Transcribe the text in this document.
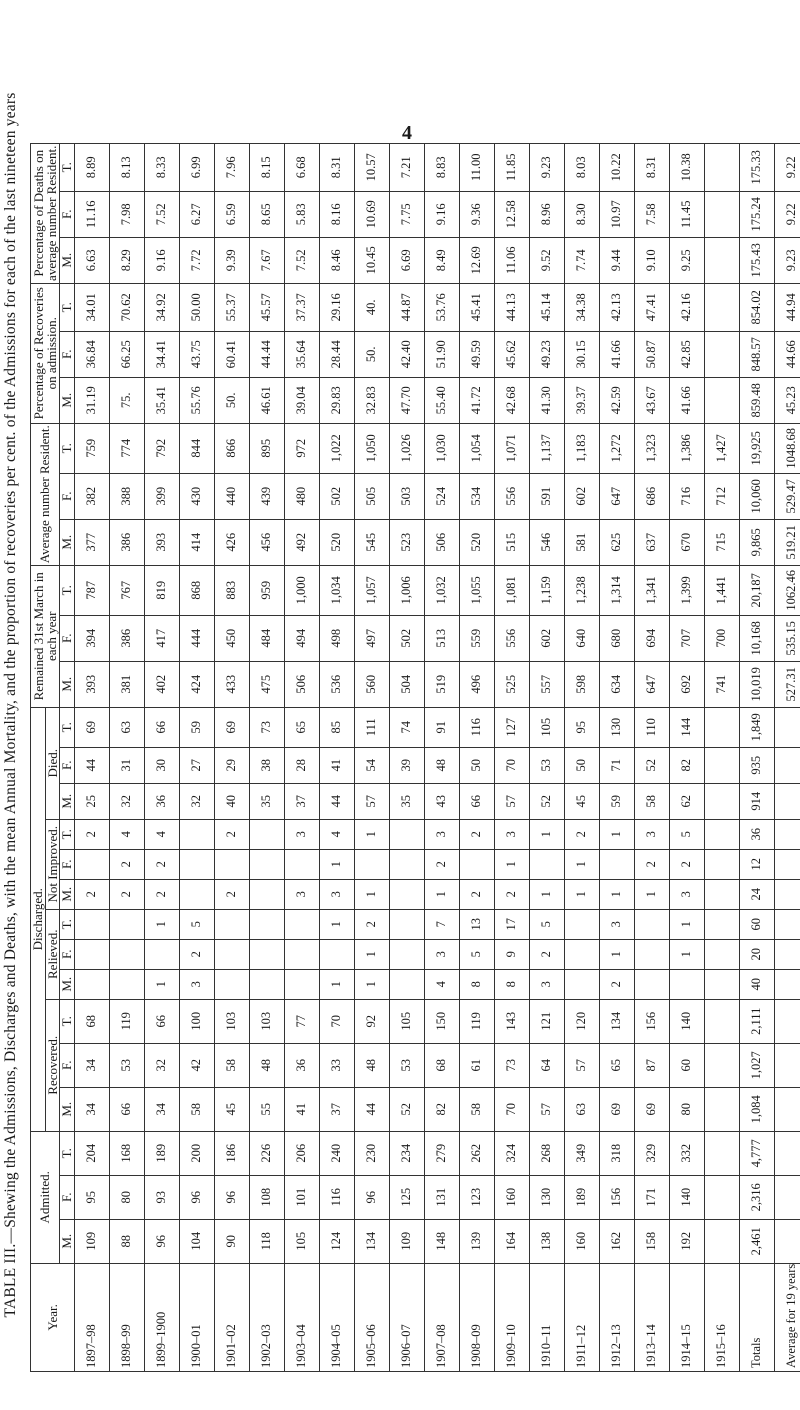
4
TABLE III.—Shewing the Admissions, Discharges and Deaths, with the mean Annual Mortality, and the proportion of recoveries per cent. of the Admissions for each of the last nineteen years Year.	Admitted.			Discharged.												Remained 31st March in each year			Average number Resident.			Percentage of Recoveries on admission.			Percentage of Deaths on average number Resident.		
				Recovered.			Relieved.			Not Improved.			Died.														
	M.	F.	T.	M.	F.	T.	M.	F.	T.	M.	F.	T.	M.	F.	T.	M.	F.	T.	M.	F.	T.	M.	F.	T.	M.	F.	T.
1897–98	109	95	204	34	34	68				2		2	25	44	69	393	394	787	377	382	759	31.19	36.84	34.01	6.63	11.16	8.89
1898–99	88	80	168	66	53	119				2	2	4	32	31	63	381	386	767	386	388	774	75.	66.25	70.62	8.29	7.98	8.13
1899–1900	96	93	189	34	32	66	1		1	2	2	4	36	30	66	402	417	819	393	399	792	35.41	34.41	34.92	9.16	7.52	8.33
1900–01	104	96	200	58	42	100	3	2	5				32	27	59	424	444	868	414	430	844	55.76	43.75	50.00	7.72	6.27	6.99
1901–02	90	96	186	45	58	103				2		2	40	29	69	433	450	883	426	440	866	50.	60.41	55.37	9.39	6.59	7.96
1902–03	118	108	226	55	48	103							35	38	73	475	484	959	456	439	895	46.61	44.44	45.57	7.67	8.65	8.15
1903–04	105	101	206	41	36	77				3		3	37	28	65	506	494	1,000	492	480	972	39.04	35.64	37.37	7.52	5.83	6.68
1904–05	124	116	240	37	33	70	1		1	3	1	4	44	41	85	536	498	1,034	520	502	1,022	29.83	28.44	29.16	8.46	8.16	8.31
1905–06	134	96	230	44	48	92	1	1	2	1		1	57	54	111	560	497	1,057	545	505	1,050	32.83	50.	40.	10.45	10.69	10.57
1906–07	109	125	234	52	53	105							35	39	74	504	502	1,006	523	503	1,026	47.70	42.40	44.87	6.69	7.75	7.21
1907–08	148	131	279	82	68	150	4	3	7	1	2	3	43	48	91	519	513	1,032	506	524	1,030	55.40	51.90	53.76	8.49	9.16	8.83
1908–09	139	123	262	58	61	119	8	5	13	2		2	66	50	116	496	559	1,055	520	534	1,054	41.72	49.59	45.41	12.69	9.36	11.00
1909–10	164	160	324	70	73	143	8	9	17	2	1	3	57	70	127	525	556	1,081	515	556	1,071	42.68	45.62	44.13	11.06	12.58	11.85
1910–11	138	130	268	57	64	121	3	2	5	1		1	52	53	105	557	602	1,159	546	591	1,137	41.30	49.23	45.14	9.52	8.96	9.23
1911–12	160	189	349	63	57	120				1	1	2	45	50	95	598	640	1,238	581	602	1,183	39.37	30.15	34.38	7.74	8.30	8.03
1912–13	162	156	318	69	65	134	2	1	3	1		1	59	71	130	634	680	1,314	625	647	1,272	42.59	41.66	42.13	9.44	10.97	10.22
1913–14	158	171	329	69	87	156				1	2	3	58	52	110	647	694	1,341	637	686	1,323	43.67	50.87	47.41	9.10	7.58	8.31
1914–15	192	140	332	80	60	140		1	1	3	2	5	62	82	144	692	707	1,399	670	716	1,386	41.66	42.85	42.16	9.25	11.45	10.38
1915–16																741	700	1,441	715	712	1,427						
Totals	2,461	2,316	4,777	1,084	1,027	2,111	40	20	60	24	12	36	914	935	1,849	10,019	10,168	20,187	9,865	10,060	19,925	859.48	848.57	854.02	175.43	175.24	175.33
Average for 19 years																527.31	535.15	1062.46	519.21	529.47	1048.68	45.23	44.66	44.94	9.23	9.22	9.22
